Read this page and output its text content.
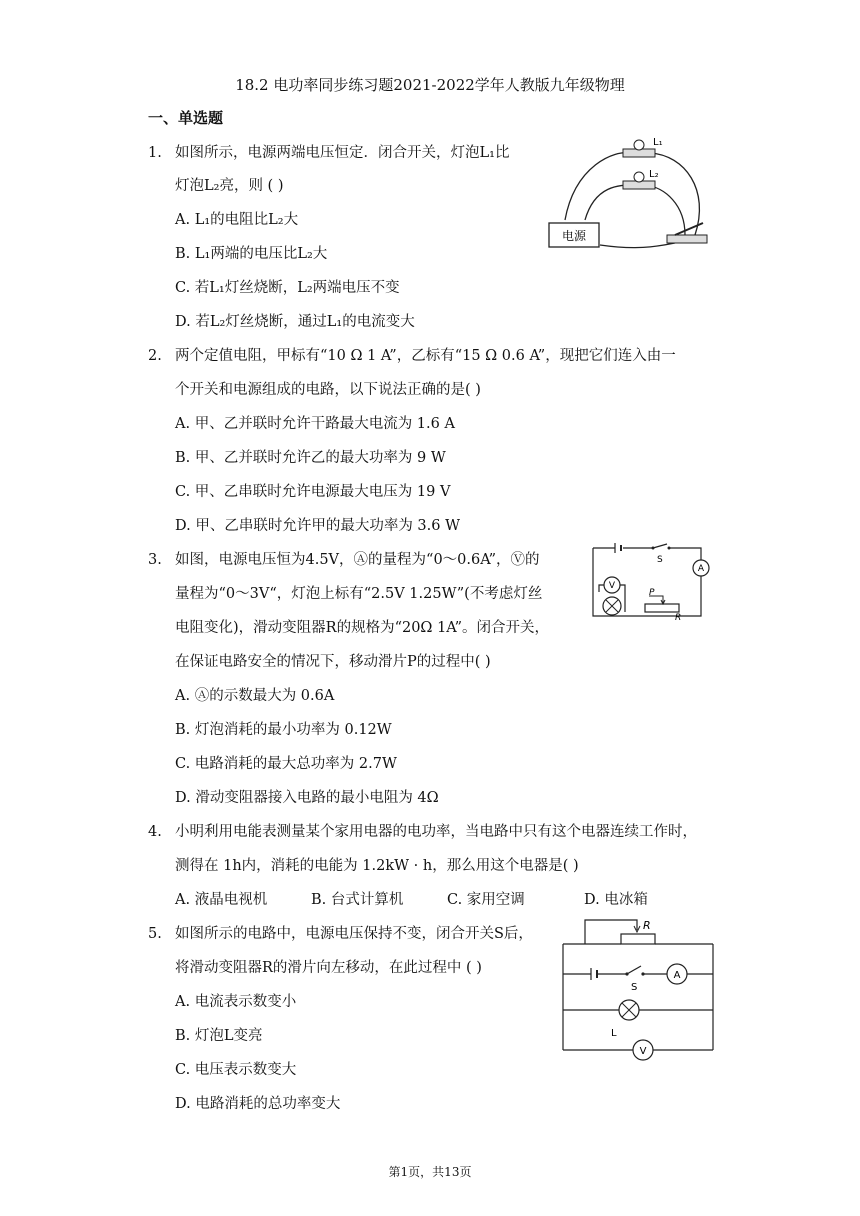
18.2 电功率同步练习题2021-2022学年人教版九年级物理
一、单选题
1. 如图所示，电源两端电压恒定．闭合开关，灯泡L₁比
灯泡L₂亮，则 ( )
A. L₁的电阻比L₂大
B. L₁两端的电压比L₂大
C. 若L₁灯丝烧断，L₂两端电压不变
D. 若L₂灯丝烧断，通过L₁的电流变大
L₁
L₂
电源
2. 两个定值电阻，甲标有“10 Ω 1 A”，乙标有“15 Ω 0.6 A”，现把它们连入由一
个开关和电源组成的电路，以下说法正确的是( )
A. 甲、乙并联时允许干路最大电流为 1.6 A
B. 甲、乙并联时允许乙的最大功率为 9 W
C. 甲、乙串联时允许电源最大电压为 19 V
D. 甲、乙串联时允许甲的最大功率为 3.6 W
3. 如图，电源电压恒为4.5V，Ⓐ的量程为“0～0.6A”，Ⓥ的
量程为“0～3V“，灯泡上标有“2.5V 1.25W”(不考虑灯丝
电阻变化)，滑动变阻器R的规格为“20Ω 1A”。闭合开关，
在保证电路安全的情况下，移动滑片P的过程中( )
A. Ⓐ的示数最大为 0.6A
B. 灯泡消耗的最小功率为 0.12W
C. 电路消耗的最大总功率为 2.7W
D. 滑动变阻器接入电路的最小电阻为 4Ω
S
A
V
P
R
4. 小明利用电能表测量某个家用电器的电功率，当电路中只有这个电器连续工作时，
测得在 1h内，消耗的电能为 1.2kW · h，那么用这个电器是( )
A. 液晶电视机	B. 台式计算机	C. 家用空调	D. 电冰箱
5. 如图所示的电路中，电源电压保持不变，闭合开关S后，
将滑动变阻器R的滑片向左移动，在此过程中 ( )
A. 电流表示数变小
B. 灯泡L变亮
C. 电压表示数变大
D. 电路消耗的总功率变大
R
S
A
L
V
第1页，共13页
